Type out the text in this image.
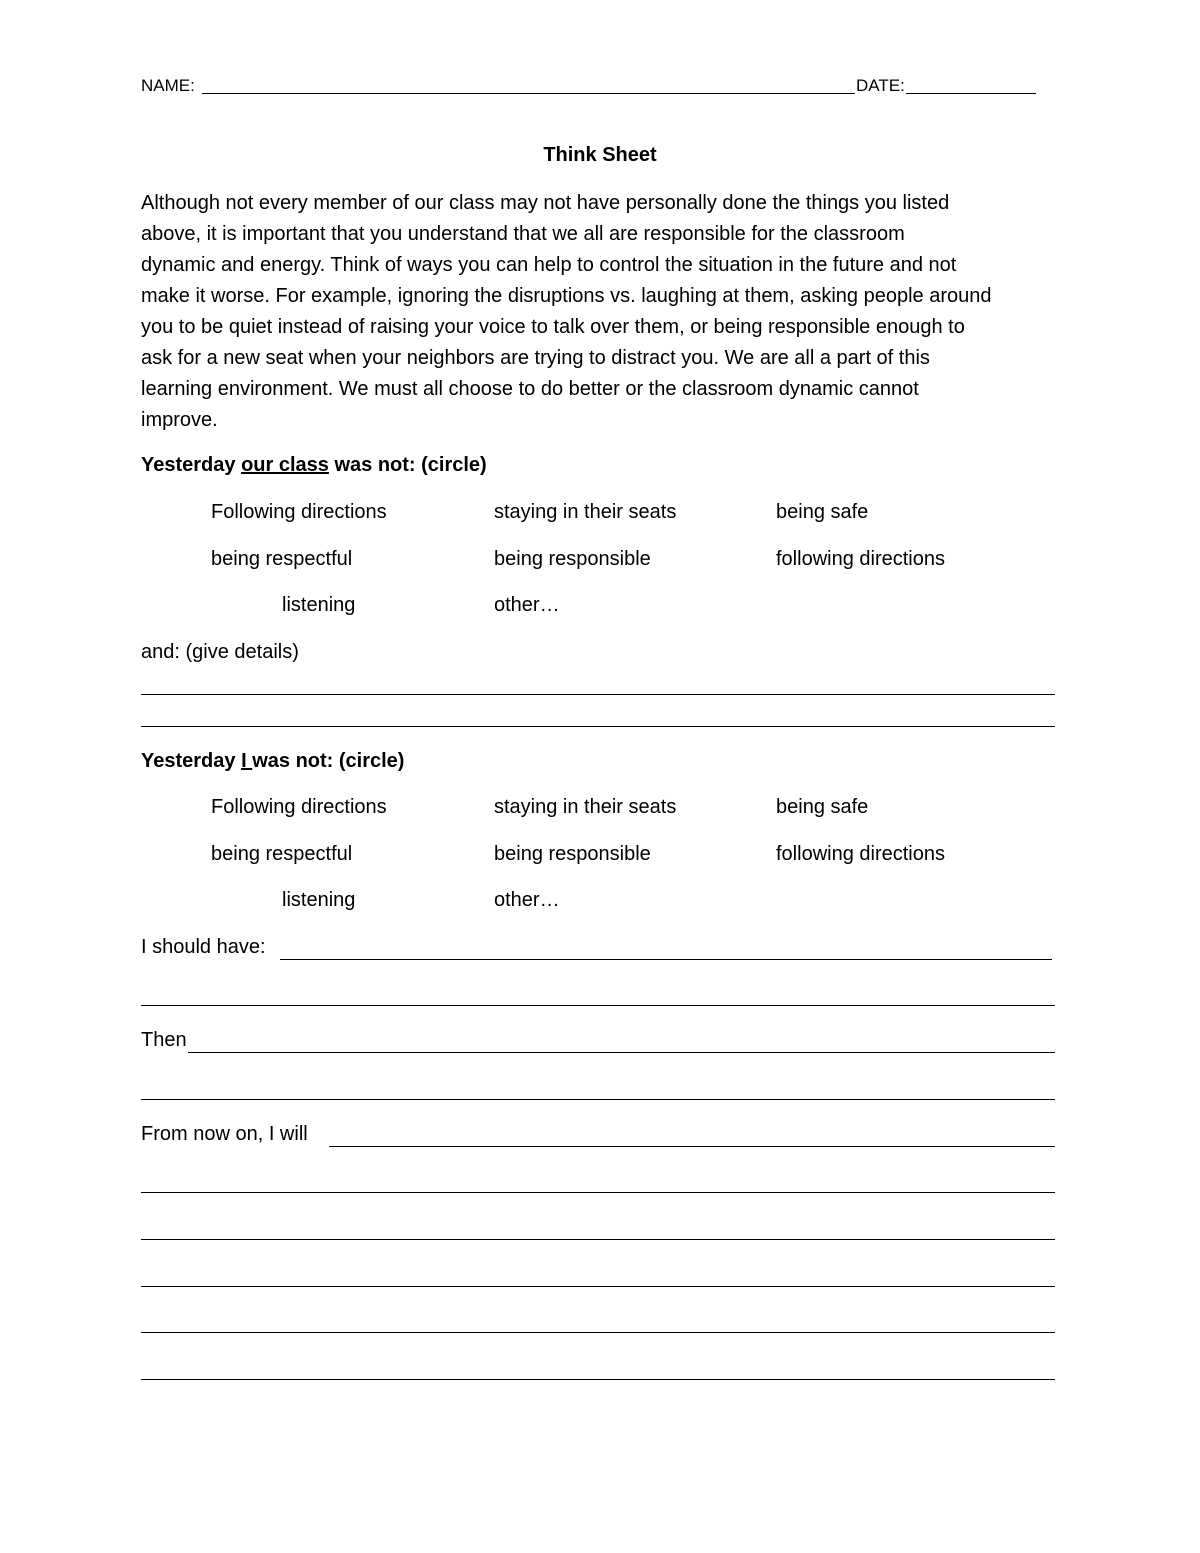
NAME:	DATE:
Think Sheet
Although not every member of our class may not have personally done the things you listed
above, it is important that you understand that we all are responsible for the classroom
dynamic and energy. Think of ways you can help to control the situation in the future and not
make it worse. For example, ignoring the disruptions vs. laughing at them, asking people around
you to be quiet instead of raising your voice to talk over them, or being responsible enough to
ask for a new seat when your neighbors are trying to distract you. We are all a part of this
learning environment. We must all choose to do better or the classroom dynamic cannot
improve.
Yesterday our class was not: (circle)
Following directions	staying in their seats	being safe
being respectful	being responsible	following directions
listening	other…
and: (give details)
Yesterday I was not: (circle)
Following directions	staying in their seats	being safe
being respectful	being responsible	following directions
listening	other…
I should have:
Then
From now on, I will
